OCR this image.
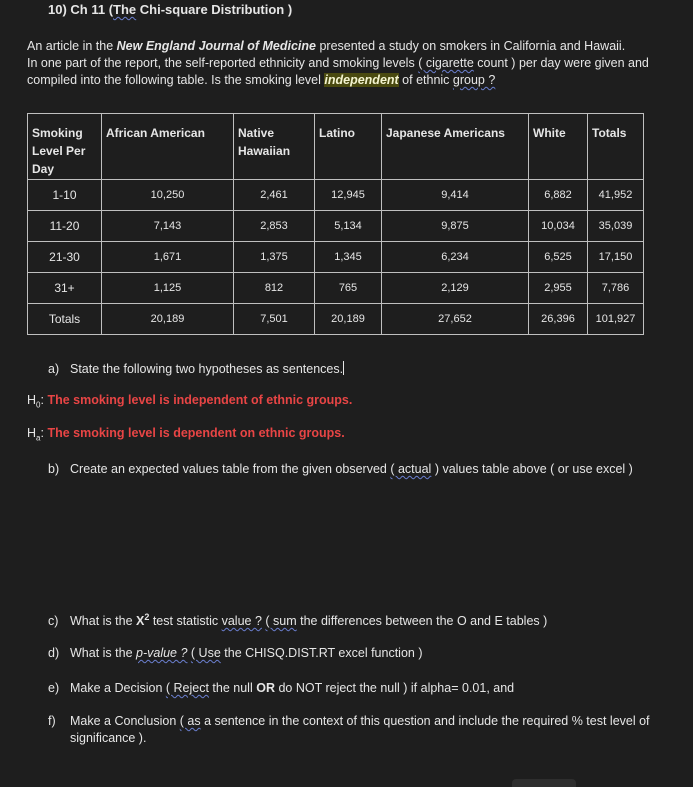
10) Ch 11 (The Chi-square Distribution )
An article in the New England Journal of Medicine presented a study on smokers in California and Hawaii.
In one part of the report, the self-reported ethnicity and smoking levels ( cigarette count ) per day were given and
compiled into the following table. Is the smoking level independent of ethnic group ?
Smoking Level Per Day	African American	Native Hawaiian	Latino	Japanese Americans	White	Totals
1-10	10,250	2,461	12,945	9,414	6,882	41,952
11-20	7,143	2,853	5,134	9,875	10,034	35,039
21-30	1,671	1,375	1,345	6,234	6,525	17,150
31+	1,125	812	765	2,129	2,955	7,786
Totals	20,189	7,501	20,189	27,652	26,396	101,927
a) State the following two hypotheses as sentences.
$H_0$: The smoking level is independent of ethnic groups.
$H_a$: The smoking level is dependent on ethnic groups.
b) Create an expected values table from the given observed ( actual ) values table above ( or use excel )
c) What is the $X^2$ test statistic value ? ( sum the differences between the O and E tables )
d) What is the p-value ? ( Use the CHISQ.DIST.RT excel function )
e) Make a Decision ( Reject the null OR do NOT reject the null ) if alpha= 0.01, and
f) Make a Conclusion ( as a sentence in the context of this question and include the required % test level of
significance ).
